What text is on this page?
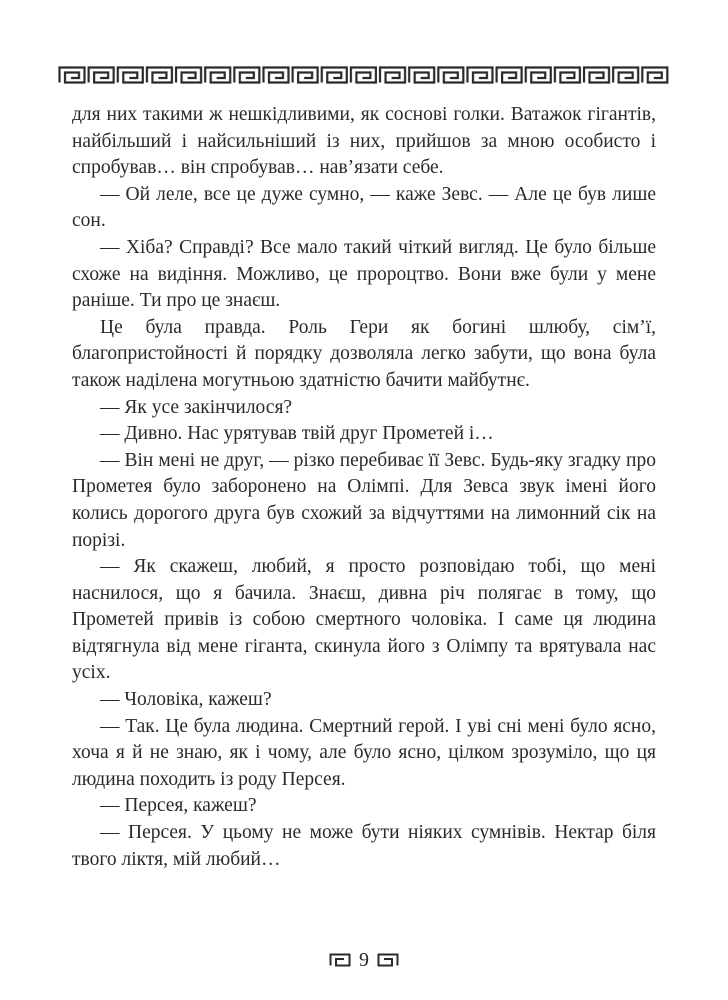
для них такими ж нешкідливими, як соснові голки. Ватажок гігантів, найбільший і найсильніший із них, прийшов за мною особисто і спробував… він спробував… нав’язати себе.

— Ой леле, все це дуже сумно, — каже Зевс. — Але це був лише сон.

— Хіба? Справді? Все мало такий чіткий вигляд. Це було більше схоже на видіння. Можливо, це пророцтво. Вони вже були у мене раніше. Ти про це знаєш.

Це була правда. Роль Гери як богині шлюбу, сім’ї, благопристойності й порядку дозволяла легко забути, що вона була також наділена могутньою здатністю бачити майбутнє.

— Як усе закінчилося?

— Дивно. Нас урятував твій друг Прометей і…

— Він мені не друг, — різко перебиває її Зевс. Будь-яку згадку про Прометея було заборонено на Олімпі. Для Зевса звук імені його колись дорогого друга був схожий за відчуттями на лимонний сік на порізі.

— Як скажеш, любий, я просто розповідаю тобі, що мені наснилося, що я бачила. Знаєш, дивна річ полягає в тому, що Прометей привів із собою смертного чоловіка. І саме ця людина відтягнула від мене гіганта, скинула його з Олімпу та врятувала нас усіх.

— Чоловіка, кажеш?

— Так. Це була людина. Смертний герой. І уві сні мені було ясно, хоча я й не знаю, як і чому, але було ясно, цілком зрозуміло, що ця людина походить із роду Персея.

— Персея, кажеш?

— Персея. У цьому не може бути ніяких сумнівів. Нектар біля твого ліктя, мій любий…

9
